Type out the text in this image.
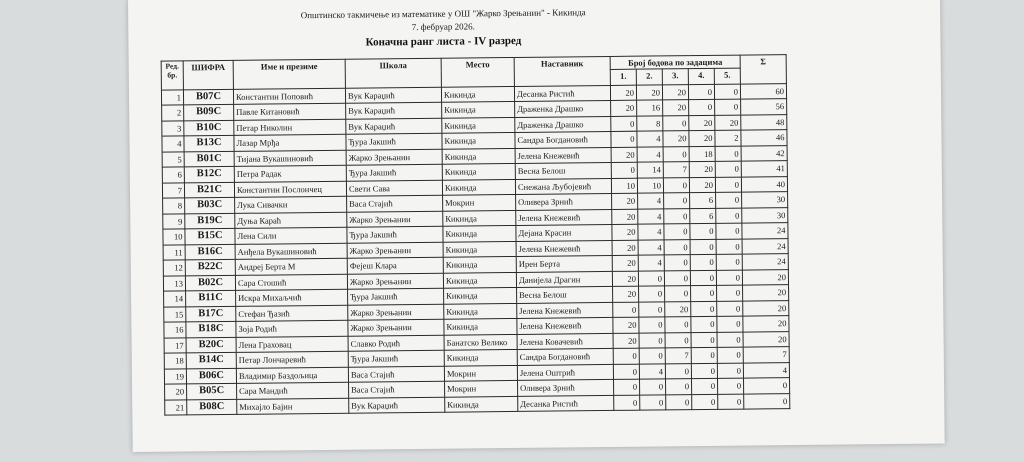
Општинско такмичење из математике у ОШ "Жарко Зрењанин" - Кикинда
7. фебруар 2026.
Коначна ранг листа - IV разред
Ред. бр.	ШИФРА	Име и презиме	Школа	Место	Наставник	Број бодова по задацима					Σ
						1.	2.	3.	4.	5.	
1	B07C	Константин Поповић	Вук Караџић	Кикинда	Десанка Ристић	20	20	20	0	0	60
2	B09C	Павле Китановић	Вук Караџић	Кикинда	Драженка Драшко	20	16	20	0	0	56
3	B10C	Петар Николин	Вук Караџић	Кикинда	Драженка Драшко	0	8	0	20	20	48
4	B13C	Лазар Мрђа	Ђура Јакшић	Кикинда	Сандра Богдановић	0	4	20	20	2	46
5	B01C	Тијана Вукашиновић	Жарко Зрењанин	Кикинда	Јелена Кнежевић	20	4	0	18	0	42
6	B12C	Петра Радак	Ђура Јакшић	Кикинда	Весна Белош	0	14	7	20	0	41
7	B21C	Константин Послончец	Свети Сава	Кикинда	Снежана Љубојевић	10	10	0	20	0	40
8	B03C	Лука Сивачки	Васа Стајић	Мокрин	Оливера Зрнић	20	4	0	6	0	30
9	B19C	Дуња Караћ	Жарко Зрењанин	Кикинда	Јелена Кнежевић	20	4	0	6	0	30
10	B15C	Лена Сили	Ђура Јакшић	Кикинда	Дејана Красин	20	4	0	0	0	24
11	B16C	Анђела Вукашиновић	Жарко Зрењанин	Кикинда	Јелена Кнежевић	20	4	0	0	0	24
12	B22C	Андреј Берта М	Фејеш Клара	Кикинда	Ирен Берта	20	4	0	0	0	24
13	B02C	Сара Стошић	Жарко Зрењанин	Кикинда	Данијела Драгин	20	0	0	0	0	20
14	B11C	Искра Михаљчић	Ђура Јакшић	Кикинда	Весна Белош	20	0	0	0	0	20
15	B17C	Стефан Ђазић	Жарко Зрењанин	Кикинда	Јелена Кнежевић	0	0	20	0	0	20
16	B18C	Зоја Родић	Жарко Зрењанин	Кикинда	Јелена Кнежевић	20	0	0	0	0	20
17	B20C	Лена Граховац	Славко Родић	Банатско Велико	Јелена Ковачевић	20	0	0	0	0	20
18	B14C	Петар Лончаревић	Ђура Јакшић	Кикинда	Сандра Богдановић	0	0	7	0	0	7
19	B06C	Владимир Баздољица	Васа Стајић	Мокрин	Јелена Оштрић	0	4	0	0	0	4
20	B05C	Сара Мандић	Васа Стајић	Мокрин	Оливера Зрнић	0	0	0	0	0	0
21	B08C	Михајло Бајин	Вук Караџић	Кикинда	Десанка Ристић	0	0	0	0	0	0
